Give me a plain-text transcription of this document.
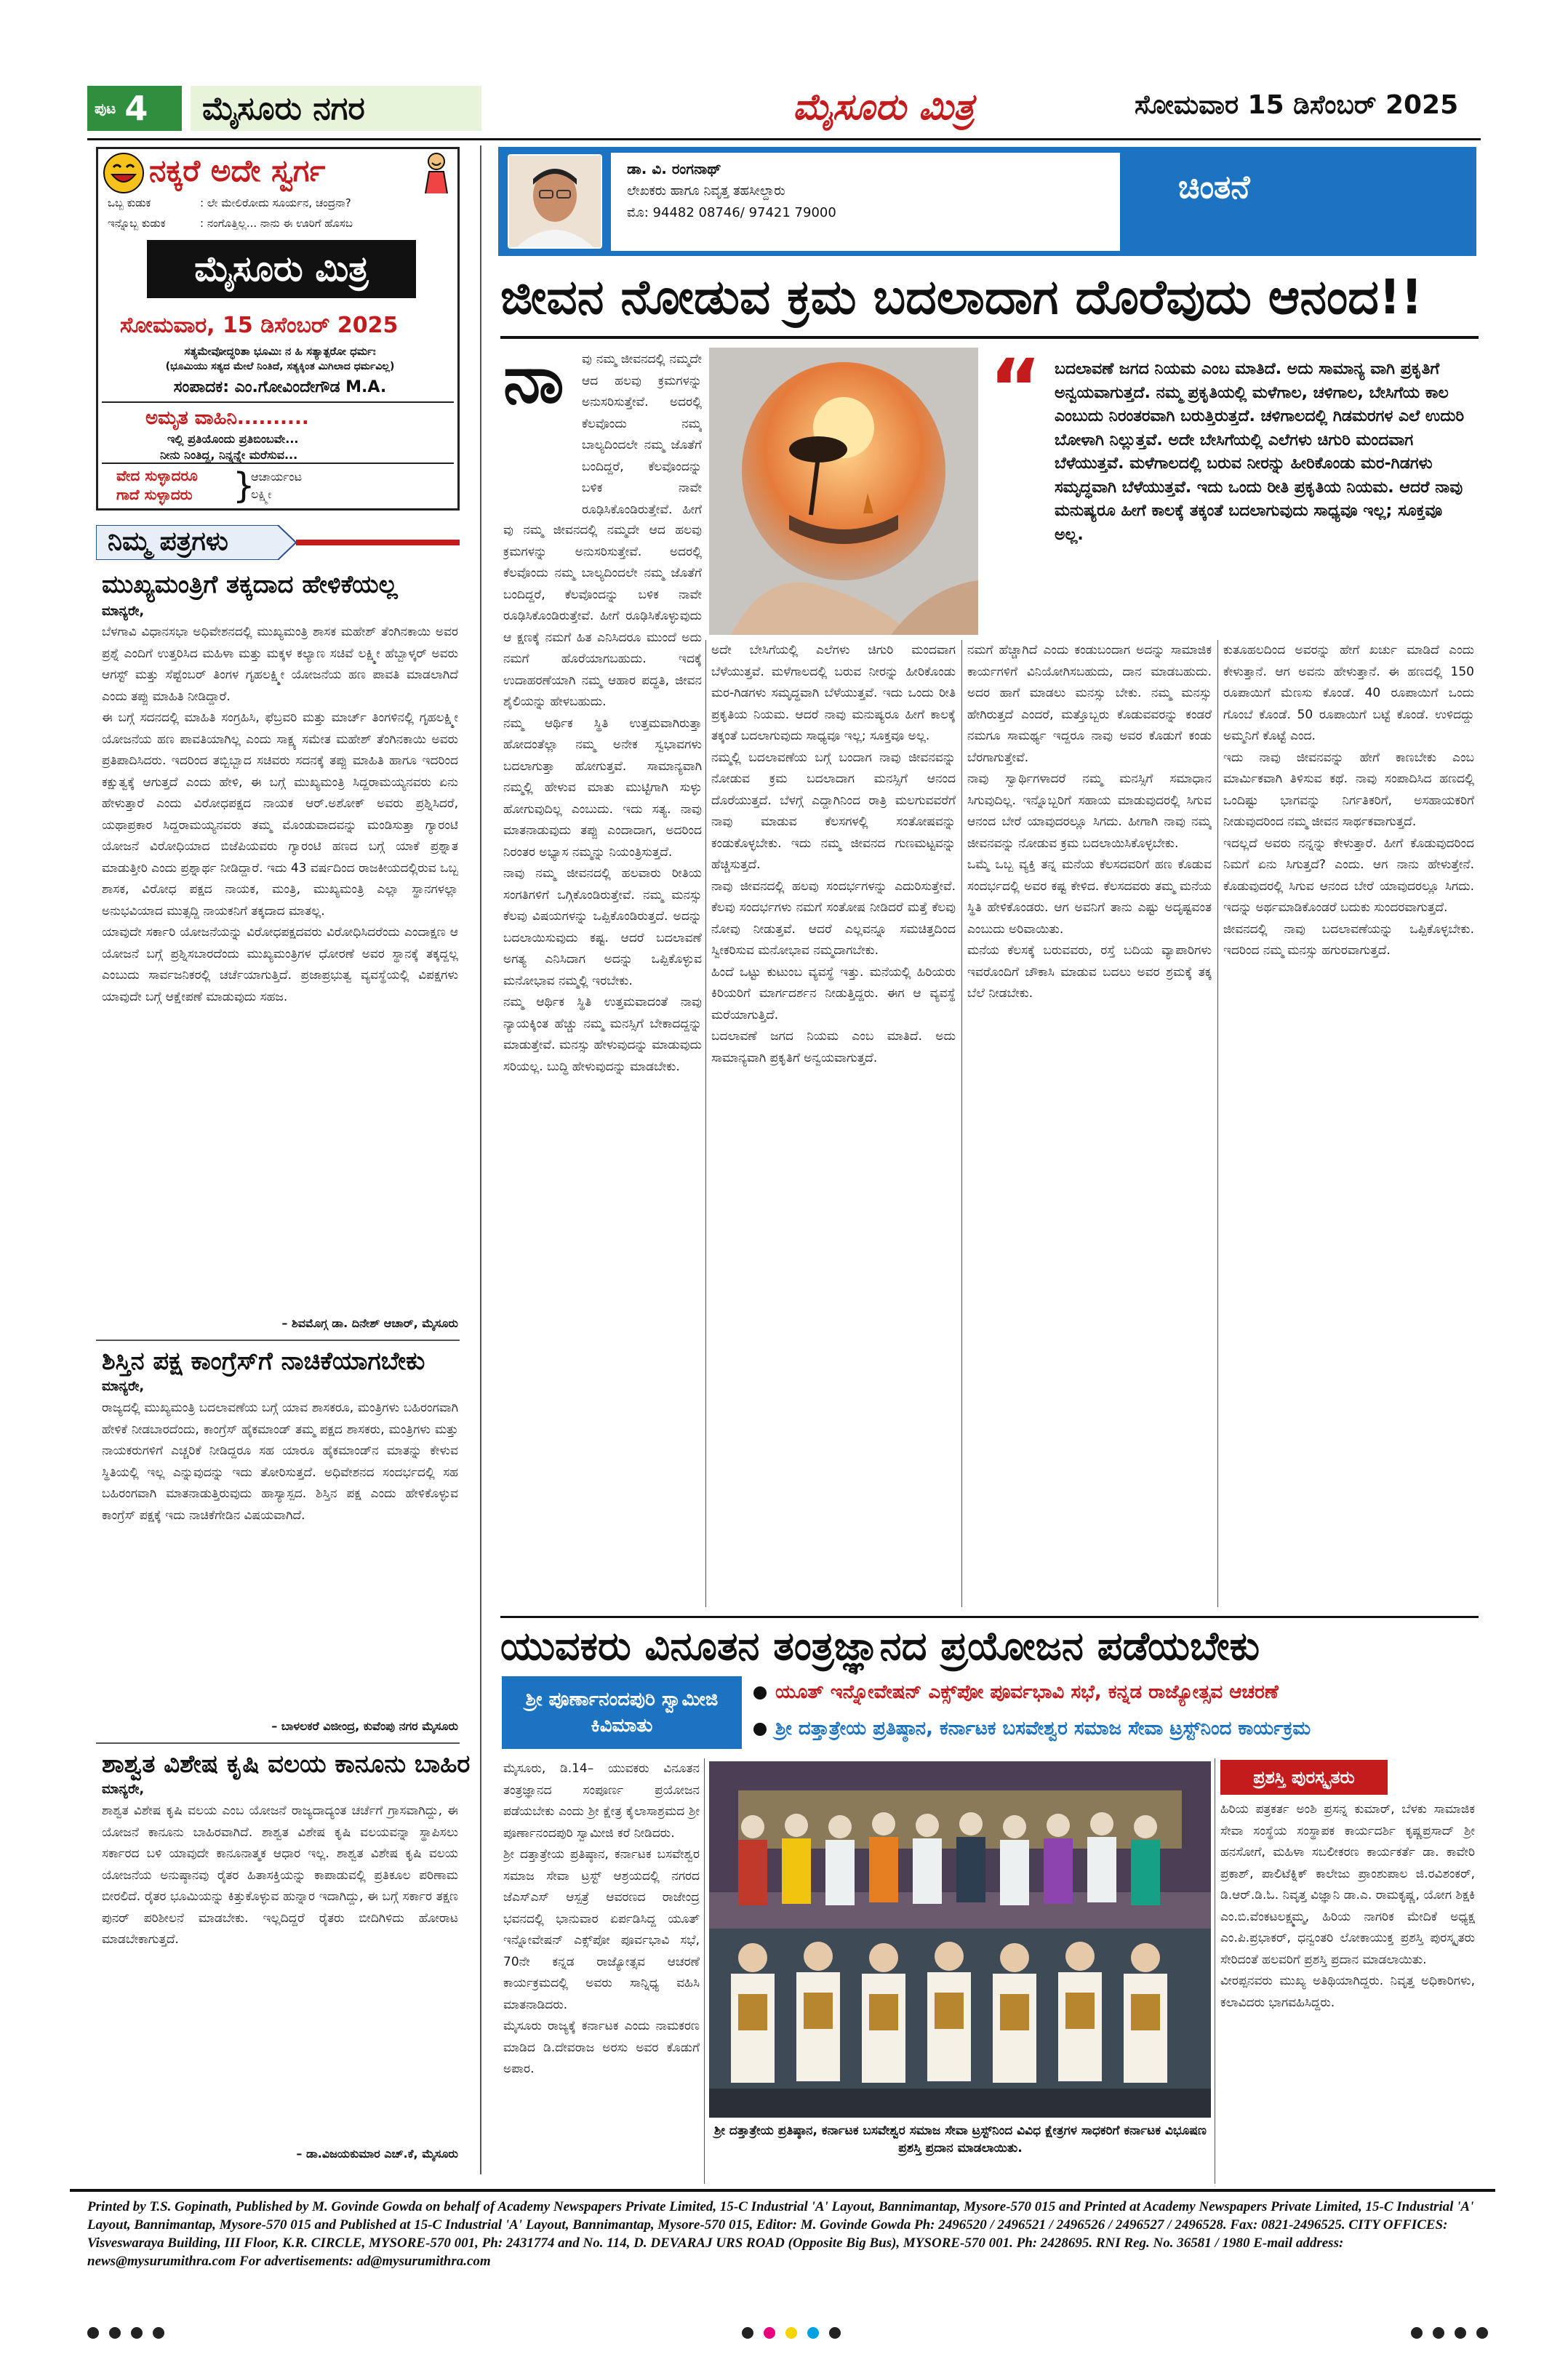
ಪುಟ 4	ಮೈಸೂರು ನಗರ	ಮೈಸೂರು ಮಿತ್ರ	ಸೋಮವಾರ 15 ಡಿಸೆಂಬರ್ 2025
ನಕ್ಕರೆ ಅದೇ ಸ್ವರ್ಗ
ಒಬ್ಬ ಕುಡುಕ	: ಲೇ ಮೇಲಿರೋದು ಸೂರ್ಯನ, ಚಂದ್ರನಾ?
ಇನ್ನೊಬ್ಬ ಕುಡುಕ	: ನಂಗೊತ್ತಿಲ್ಲ... ನಾನು ಈ ಊರಿಗೆ ಹೊಸಬ
ಮೈಸೂರು ಮಿತ್ರ
ಸೋಮವಾರ, 15 ಡಿಸೆಂಬರ್ 2025
ಸತ್ಯಮೇವೋದ್ಧರಿತಾ ಭೂಮಿಃ ನ ಹಿ ಸತ್ಯಾತ್ಪರೋ ಧರ್ಮಃ
(ಭೂಮಿಯು ಸತ್ಯದ ಮೇಲೆ ನಿಂತಿದೆ, ಸತ್ಯಕ್ಕಿಂತ ಮಿಗಿಲಾದ ಧರ್ಮವಿಲ್ಲ)
ಸಂಪಾದಕ: ಎಂ.ಗೋವಿಂದೇಗೌಡ M.A.
ಅಮೃತ ವಾಹಿನಿ..........
ಇಲ್ಲಿ ಪ್ರತಿಯೊಂದು ಪ್ರತಿಬಿಂಬವೇ...
ನೀನು ನಿಂತಿದ್ದ, ನಿನ್ನನ್ನೇ ಮರೆಸುವ...
ವೇದ ಸುಳ್ಳಾದರೂ
ಗಾದೆ ಸುಳ್ಳಾದರು }
ಆಚಾರ್ಯಂಟ
ಲಕ್ಷ್ಮೀ
ನಿಮ್ಮ ಪತ್ರಗಳು
ಮುಖ್ಯಮಂತ್ರಿಗೆ ತಕ್ಕದಾದ ಹೇಳಿಕೆಯಲ್ಲ
ಮಾನ್ಯರೇ,
ಬೆಳಗಾವಿ ವಿಧಾನಸಭಾ ಅಧಿವೇಶನದಲ್ಲಿ ಮುಖ್ಯಮಂತ್ರಿ ಶಾಸಕ ಮಹೇಶ್ ತೆಂಗಿನಕಾಯಿ ಅವರ ಪ್ರಶ್ನೆ ಎಂದಿಗೆ ಉತ್ತರಿಸಿದ ಮಹಿಳಾ ಮತ್ತು ಮಕ್ಕಳ ಕಲ್ಯಾಣ ಸಚಿವೆ ಲಕ್ಷ್ಮೀ ಹೆಬ್ಬಾಳ್ಕರ್ ಅವರು ಆಗಸ್ಟ್ ಮತ್ತು ಸೆಪ್ಟೆಂಬರ್ ತಿಂಗಳ ಗೃಹಲಕ್ಷ್ಮೀ ಯೋಜನೆಯ ಹಣ ಪಾವತಿ ಮಾಡಲಾಗಿದೆ ಎಂದು ತಪ್ಪು ಮಾಹಿತಿ ನೀಡಿದ್ದಾರೆ.
ಈ ಬಗ್ಗೆ ಸದನದಲ್ಲಿ ಮಾಹಿತಿ ಸಂಗ್ರಹಿಸಿ, ಫೆಬ್ರವರಿ ಮತ್ತು ಮಾರ್ಚ್ ತಿಂಗಳಿನಲ್ಲಿ ಗೃಹಲಕ್ಷ್ಮೀ ಯೋಜನೆಯ ಹಣ ಪಾವತಿಯಾಗಿಲ್ಲ ಎಂದು ಸಾಕ್ಷ್ಯ ಸಮೇತ ಮಹೇಶ್ ತೆಂಗಿನಕಾಯಿ ಅವರು ಪ್ರತಿಪಾದಿಸಿದರು. ಇದರಿಂದ ತಬ್ಬಿಬ್ಬಾದ ಸಚಿವರು ಸದನಕ್ಕೆ ತಪ್ಪು ಮಾಹಿತಿ ಹಾಗೂ ಇದರಿಂದ ಕಕ್ಷುತ್ವಕ್ಕೆ ಆಗುತ್ತದೆ ಎಂದು ಹೇಳಿ, ಈ ಬಗ್ಗೆ ಮುಖ್ಯಮಂತ್ರಿ ಸಿದ್ದರಾಮಯ್ಯನವರು ಏನು ಹೇಳುತ್ತಾರೆ ಎಂದು ವಿರೋಧಪಕ್ಷದ ನಾಯಕ ಆರ್.ಅಶೋಕ್ ಅವರು ಪ್ರಶ್ನಿಸಿದರೆ, ಯಥಾಪ್ರಕಾರ ಸಿದ್ದರಾಮಯ್ಯನವರು ತಮ್ಮ ಮೊಂಡುವಾದವನ್ನು ಮಂಡಿಸುತ್ತಾ ಗ್ಯಾರಂಟಿ ಯೋಜನೆ ವಿರೋಧಿಯಾದ ಬಿಜೆಪಿಯವರು ಗ್ಯಾರಂಟಿ ಹಣದ ಬಗ್ಗೆ ಯಾಕೆ ಪ್ರಶ್ನಾತ ಮಾಡುತ್ತೀರಿ ಎಂದು ಪ್ರಶ್ನಾರ್ಥ ನೀಡಿದ್ದಾರೆ. ಇದು 43 ವರ್ಷದಿಂದ ರಾಜಕೀಯದಲ್ಲಿರುವ ಒಬ್ಬ ಶಾಸಕ, ವಿರೋಧ ಪಕ್ಷದ ನಾಯಕ, ಮಂತ್ರಿ, ಮುಖ್ಯಮಂತ್ರಿ ಎಲ್ಲಾ ಸ್ಥಾನಗಳಲ್ಲಾ ಅನುಭವಿಯಾದ ಮುತ್ಸದ್ದಿ ನಾಯಕನಿಗೆ ತಕ್ಕದಾದ ಮಾತಲ್ಲ.
ಯಾವುದೇ ಸರ್ಕಾರಿ ಯೋಜನೆಯನ್ನು ವಿರೋಧಪಕ್ಷದವರು ವಿರೋಧಿಸಿದರೆಂದು ಎಂದಾಕ್ಷಣ ಆ ಯೋಜನೆ ಬಗ್ಗೆ ಪ್ರಶ್ನಿಸಬಾರದೆಂದು ಮುಖ್ಯಮಂತ್ರಿಗಳ ಧೋರಣೆ ಅವರ ಸ್ಥಾನಕ್ಕೆ ತಕ್ಕದ್ದಲ್ಲ ಎಂಬುದು ಸಾರ್ವಜನಿಕರಲ್ಲಿ ಚರ್ಚೆಯಾಗುತ್ತಿದೆ. ಪ್ರಜಾಪ್ರಭುತ್ವ ವ್ಯವಸ್ಥೆಯಲ್ಲಿ ವಿಪಕ್ಷಗಳು ಯಾವುದೇ ಬಗ್ಗೆ ಆಕ್ಷೇಪಣೆ ಮಾಡುವುದು ಸಹಜ.
– ಶಿವಮೊಗ್ಗ ಡಾ. ದಿನೇಶ್ ಆಚಾರ್, ಮೈಸೂರು
ಶಿಸ್ತಿನ ಪಕ್ಷ ಕಾಂಗ್ರೆಸ್‌ಗೆ ನಾಚಿಕೆಯಾಗಬೇಕು
ಮಾನ್ಯರೇ,
ರಾಜ್ಯದಲ್ಲಿ ಮುಖ್ಯಮಂತ್ರಿ ಬದಲಾವಣೆಯ ಬಗ್ಗೆ ಯಾವ ಶಾಸಕರೂ, ಮಂತ್ರಿಗಳು ಬಹಿರಂಗವಾಗಿ ಹೇಳಿಕೆ ನೀಡಬಾರದೆಂದು, ಕಾಂಗ್ರೆಸ್ ಹೈಕಮಾಂಡ್ ತಮ್ಮ ಪಕ್ಷದ ಶಾಸಕರು, ಮಂತ್ರಿಗಳು ಮತ್ತು ನಾಯಕರುಗಳಿಗೆ ಎಚ್ಚರಿಕೆ ನೀಡಿದ್ದರೂ ಸಹ ಯಾರೂ ಹೈಕಮಾಂಡ್‌ನ ಮಾತನ್ನು ಕೇಳುವ ಸ್ಥಿತಿಯಲ್ಲಿ ಇಲ್ಲ ಎನ್ನುವುದನ್ನು ಇದು ತೋರಿಸುತ್ತದೆ. ಅಧಿವೇಶನದ ಸಂದರ್ಭದಲ್ಲಿ ಸಹ ಬಹಿರಂಗವಾಗಿ ಮಾತನಾಡುತ್ತಿರುವುದು ಹಾಸ್ಯಾಸ್ಪದ. ಶಿಸ್ತಿನ ಪಕ್ಷ ಎಂದು ಹೇಳಿಕೊಳ್ಳುವ ಕಾಂಗ್ರೆಸ್ ಪಕ್ಷಕ್ಕೆ ಇದು ನಾಚಿಕೆಗೇಡಿನ ವಿಷಯವಾಗಿದೆ.
– ಬಾಳಲಕರೆ ವಿಜೀಂದ್ರ, ಕುವೆಂಪು ನಗರ ಮೈಸೂರು
ಶಾಶ್ವತ ವಿಶೇಷ ಕೃಷಿ ವಲಯ ಕಾನೂನು ಬಾಹಿರ
ಮಾನ್ಯರೇ,
ಶಾಶ್ವತ ವಿಶೇಷ ಕೃಷಿ ವಲಯ ಎಂಬ ಯೋಜನೆ ರಾಜ್ಯದಾದ್ಯಂತ ಚರ್ಚೆಗೆ ಗ್ರಾಸವಾಗಿದ್ದು, ಈ ಯೋಜನೆ ಕಾನೂನು ಬಾಹಿರವಾಗಿದೆ. ಶಾಶ್ವತ ವಿಶೇಷ ಕೃಷಿ ವಲಯವನ್ನಾ ಸ್ಥಾಪಿಸಲು ಸರ್ಕಾರದ ಬಳಿ ಯಾವುದೇ ಕಾನೂನಾತ್ಮಕ ಆಧಾರ ಇಲ್ಲ. ಶಾಶ್ವತ ವಿಶೇಷ ಕೃಷಿ ವಲಯ ಯೋಜನೆಯ ಅನುಷ್ಠಾನವು ರೈತರ ಹಿತಾಸಕ್ತಿಯನ್ನು ಕಾಪಾಡುವಲ್ಲಿ ಪ್ರತಿಕೂಲ ಪರಿಣಾಮ ಬೀರಲಿದೆ. ರೈತರ ಭೂಮಿಯನ್ನು ಕಿತ್ತುಕೊಳ್ಳುವ ಹುನ್ನಾರ ಇದಾಗಿದ್ದು, ಈ ಬಗ್ಗೆ ಸರ್ಕಾರ ತಕ್ಷಣ ಪುನರ್ ಪರಿಶೀಲನೆ ಮಾಡಬೇಕು. ಇಲ್ಲದಿದ್ದರೆ ರೈತರು ಬೀದಿಗಿಳಿದು ಹೋರಾಟ ಮಾಡಬೇಕಾಗುತ್ತದೆ.
– ಡಾ.ವಿಜಯಕುಮಾರ ಎಚ್.ಕೆ, ಮೈಸೂರು
ಡಾ. ವಿ. ರಂಗನಾಥ್
ಲೇಖಕರು ಹಾಗೂ ನಿವೃತ್ತ ತಹಸೀಲ್ದಾರು
ಮೊ: 94482 08746/ 97421 79000
ಚಿಂತನೆ
ಜೀವನ ನೋಡುವ ಕ್ರಮ ಬದಲಾದಾಗ ದೊರೆವುದು ಆನಂದ!!
ನಾ ವು ನಮ್ಮ ಜೀವನದಲ್ಲಿ ನಮ್ಮದೇ ಆದ ಹಲವು ಕ್ರಮಗಳನ್ನು ಅನುಸರಿಸುತ್ತೇವೆ. ಅದರಲ್ಲಿ ಕೆಲವೊಂದು ನಮ್ಮ ಬಾಲ್ಯದಿಂದಲೇ ನಮ್ಮ ಜೊತೆಗೆ ಬಂದಿದ್ದರೆ, ಕೆಲವೊಂದನ್ನು ಬಳಿಕ ನಾವೇ ರೂಢಿಸಿಕೊಂಡಿರುತ್ತೇವೆ. ಹೀಗೆ

ವು ನಮ್ಮ ಜೀವನದಲ್ಲಿ ನಮ್ಮದೇ ಆದ ಹಲವು ಕ್ರಮಗಳನ್ನು ಅನುಸರಿಸುತ್ತೇವೆ. ಅದರಲ್ಲಿ ಕೆಲವೊಂದು ನಮ್ಮ ಬಾಲ್ಯದಿಂದಲೇ ನಮ್ಮ ಜೊತೆಗೆ ಬಂದಿದ್ದರೆ, ಕೆಲವೊಂದನ್ನು ಬಳಿಕ ನಾವೇ ರೂಢಿಸಿಕೊಂಡಿರುತ್ತೇವೆ. ಹೀಗೆ ರೂಢಿಸಿಕೊಳ್ಳುವುದು ಆ ಕ್ಷಣಕ್ಕೆ ನಮಗೆ ಹಿತ ಎನಿಸಿದರೂ ಮುಂದೆ ಅದು ನಮಗೆ ಹೊರೆಯಾಗಬಹುದು. ಇದಕ್ಕೆ ಉದಾಹರಣೆಯಾಗಿ ನಮ್ಮ ಆಹಾರ ಪದ್ಧತಿ, ಜೀವನ ಶೈಲಿಯನ್ನು ಹೇಳಬಹುದು.
ನಮ್ಮ ಆರ್ಥಿಕ ಸ್ಥಿತಿ ಉತ್ತಮವಾಗಿರುತ್ತಾ ಹೋದಂತೆಲ್ಲಾ ನಮ್ಮ ಅನೇಕ ಸ್ವಭಾವಗಳು ಬದಲಾಗುತ್ತಾ ಹೋಗುತ್ತವೆ. ಸಾಮಾನ್ಯವಾಗಿ ನಮ್ಮಲ್ಲಿ ಹೇಳುವ ಮಾತು ಮುಟ್ಟಿಗಾಗಿ ಸುಳ್ಳು ಹೋಗುವುದಿಲ್ಲ ಎಂಬುದು. ಇದು ಸತ್ಯ. ನಾವು ಮಾತನಾಡುವುದು ತಪ್ಪು ಎಂದಾದಾಗ, ಅದರಿಂದ ನಿರಂತರ ಅಭ್ಯಾಸ ನಮ್ಮನ್ನು ನಿಯಂತ್ರಿಸುತ್ತದೆ.
ನಾವು ನಮ್ಮ ಜೀವನದಲ್ಲಿ ಹಲವಾರು ರೀತಿಯ ಸಂಗತಿಗಳಿಗೆ ಒಗ್ಗಿಕೊಂಡಿರುತ್ತೇವೆ. ನಮ್ಮ ಮನಸ್ಸು ಕೆಲವು ವಿಷಯಗಳನ್ನು ಒಪ್ಪಿಕೊಂಡಿರುತ್ತದೆ. ಅದನ್ನು ಬದಲಾಯಿಸುವುದು ಕಷ್ಟ. ಆದರೆ ಬದಲಾವಣೆ ಅಗತ್ಯ ಎನಿಸಿದಾಗ ಅದನ್ನು ಒಪ್ಪಿಕೊಳ್ಳುವ ಮನೋಭಾವ ನಮ್ಮಲ್ಲಿ ಇರಬೇಕು.
ನಮ್ಮ ಆರ್ಥಿಕ ಸ್ಥಿತಿ ಉತ್ತಮವಾದಂತೆ ನಾವು ನ್ಯಾಯಕ್ಕಿಂತ ಹೆಚ್ಚು ನಮ್ಮ ಮನಸ್ಸಿಗೆ ಬೇಕಾದದ್ದನ್ನು ಮಾಡುತ್ತೇವೆ. ಮನಸ್ಸು ಹೇಳುವುದನ್ನು ಮಾಡುವುದು ಸರಿಯಲ್ಲ. ಬುದ್ಧಿ ಹೇಳುವುದನ್ನು ಮಾಡಬೇಕು.
“ ಬದಲಾವಣೆ ಜಗದ ನಿಯಮ ಎಂಬ ಮಾತಿದೆ. ಅದು ಸಾಮಾನ್ಯ ವಾಗಿ ಪ್ರಕೃತಿಗೆ ಅನ್ವಯವಾಗುತ್ತದೆ. ನಮ್ಮ ಪ್ರಕೃತಿಯಲ್ಲಿ ಮಳೆಗಾಲ, ಚಳಿಗಾಲ, ಬೇಸಿಗೆಯ ಕಾಲ ಎಂಬುದು ನಿರಂತರವಾಗಿ ಬರುತ್ತಿರುತ್ತದೆ. ಚಳಿಗಾಲದಲ್ಲಿ ಗಿಡಮರಗಳ ಎಲೆ ಉದುರಿ ಬೋಳಾಗಿ ನಿಲ್ಲುತ್ತವೆ. ಅದೇ ಬೇಸಿಗೆಯಲ್ಲಿ ಎಲೆಗಳು ಚಿಗುರಿ ಮಂದವಾಗ ಬೆಳೆಯುತ್ತವೆ. ಮಳೆಗಾಲದಲ್ಲಿ ಬರುವ ನೀರನ್ನು ಹೀರಿಕೊಂಡು ಮರ-ಗಿಡಗಳು ಸಮೃದ್ಧವಾಗಿ ಬೆಳೆಯುತ್ತವೆ. ಇದು ಒಂದು ರೀತಿ ಪ್ರಕೃತಿಯ ನಿಯಮ. ಆದರೆ ನಾವು ಮನುಷ್ಯರೂ ಹೀಗೆ ಕಾಲಕ್ಕೆ ತಕ್ಕಂತೆ ಬದಲಾಗುವುದು ಸಾಧ್ಯವೂ ಇಲ್ಲ; ಸೂಕ್ತವೂ ಅಲ್ಲ.
ಅದೇ ಬೇಸಿಗೆಯಲ್ಲಿ ಎಲೆಗಳು ಚಿಗುರಿ ಮಂದವಾಗ ಬೆಳೆಯುತ್ತವೆ. ಮಳೆಗಾಲದಲ್ಲಿ ಬರುವ ನೀರನ್ನು ಹೀರಿಕೊಂಡು ಮರ-ಗಿಡಗಳು ಸಮೃದ್ಧವಾಗಿ ಬೆಳೆಯುತ್ತವೆ. ಇದು ಒಂದು ರೀತಿ ಪ್ರಕೃತಿಯ ನಿಯಮ. ಆದರೆ ನಾವು ಮನುಷ್ಯರೂ ಹೀಗೆ ಕಾಲಕ್ಕೆ ತಕ್ಕಂತೆ ಬದಲಾಗುವುದು ಸಾಧ್ಯವೂ ಇಲ್ಲ; ಸೂಕ್ತವೂ ಅಲ್ಲ.
ನಮ್ಮಲ್ಲಿ ಬದಲಾವಣೆಯ ಬಗ್ಗೆ ಬಂದಾಗ ನಾವು ಜೀವನವನ್ನು ನೋಡುವ ಕ್ರಮ ಬದಲಾದಾಗ ಮನಸ್ಸಿಗೆ ಆನಂದ ದೊರೆಯುತ್ತದೆ. ಬೆಳಗ್ಗೆ ಎದ್ದಾಗಿನಿಂದ ರಾತ್ರಿ ಮಲಗುವವರೆಗೆ ನಾವು ಮಾಡುವ ಕೆಲಸಗಳಲ್ಲಿ ಸಂತೋಷವನ್ನು ಕಂಡುಕೊಳ್ಳಬೇಕು. ಇದು ನಮ್ಮ ಜೀವನದ ಗುಣಮಟ್ಟವನ್ನು ಹೆಚ್ಚಿಸುತ್ತದೆ.
ನಾವು ಜೀವನದಲ್ಲಿ ಹಲವು ಸಂದರ್ಭಗಳನ್ನು ಎದುರಿಸುತ್ತೇವೆ. ಕೆಲವು ಸಂದರ್ಭಗಳು ನಮಗೆ ಸಂತೋಷ ನೀಡಿದರೆ ಮತ್ತೆ ಕೆಲವು ನೋವು ನೀಡುತ್ತವೆ. ಆದರೆ ಎಲ್ಲವನ್ನೂ ಸಮಚಿತ್ತದಿಂದ ಸ್ವೀಕರಿಸುವ ಮನೋಭಾವ ನಮ್ಮದಾಗಬೇಕು.
ಹಿಂದೆ ಒಟ್ಟು ಕುಟುಂಬ ವ್ಯವಸ್ಥೆ ಇತ್ತು. ಮನೆಯಲ್ಲಿ ಹಿರಿಯರು ಕಿರಿಯರಿಗೆ ಮಾರ್ಗದರ್ಶನ ನೀಡುತ್ತಿದ್ದರು. ಈಗ ಆ ವ್ಯವಸ್ಥೆ ಮರೆಯಾಗುತ್ತಿದೆ.
ಬದಲಾವಣೆ ಜಗದ ನಿಯಮ ಎಂಬ ಮಾತಿದೆ. ಅದು ಸಾಮಾನ್ಯವಾಗಿ ಪ್ರಕೃತಿಗೆ ಅನ್ವಯವಾಗುತ್ತದೆ.
ನಮಗೆ ಹೆಚ್ಚಾಗಿದೆ ಎಂದು ಕಂಡುಬಂದಾಗ ಅದನ್ನು ಸಾಮಾಜಿಕ ಕಾರ್ಯಗಳಿಗೆ ವಿನಿಯೋಗಿಸಬಹುದು, ದಾನ ಮಾಡಬಹುದು. ಅದರ ಹಾಗೆ ಮಾಡಲು ಮನಸ್ಸು ಬೇಕು. ನಮ್ಮ ಮನಸ್ಸು ಹೇಗಿರುತ್ತದೆ ಎಂದರೆ, ಮತ್ತೊಬ್ಬರು ಕೊಡುವವರನ್ನು ಕಂಡರೆ ನಮಗೂ ಸಾಮರ್ಥ್ಯ ಇದ್ದರೂ ನಾವು ಅವರ ಕೊಡುಗೆ ಕಂಡು ಬೆರಗಾಗುತ್ತೇವೆ.
ನಾವು ಸ್ವಾರ್ಥಿಗಳಾದರೆ ನಮ್ಮ ಮನಸ್ಸಿಗೆ ಸಮಾಧಾನ ಸಿಗುವುದಿಲ್ಲ. ಇನ್ನೊಬ್ಬರಿಗೆ ಸಹಾಯ ಮಾಡುವುದರಲ್ಲಿ ಸಿಗುವ ಆನಂದ ಬೇರೆ ಯಾವುದರಲ್ಲೂ ಸಿಗದು. ಹೀಗಾಗಿ ನಾವು ನಮ್ಮ ಜೀವನವನ್ನು ನೋಡುವ ಕ್ರಮ ಬದಲಾಯಿಸಿಕೊಳ್ಳಬೇಕು.
ಒಮ್ಮೆ ಒಬ್ಬ ವ್ಯಕ್ತಿ ತನ್ನ ಮನೆಯ ಕೆಲಸದವರಿಗೆ ಹಣ ಕೊಡುವ ಸಂದರ್ಭದಲ್ಲಿ ಅವರ ಕಷ್ಟ ಕೇಳಿದ. ಕೆಲಸದವರು ತಮ್ಮ ಮನೆಯ ಸ್ಥಿತಿ ಹೇಳಿಕೊಂಡರು. ಆಗ ಅವನಿಗೆ ತಾನು ಎಷ್ಟು ಅದೃಷ್ಟವಂತ ಎಂಬುದು ಅರಿವಾಯಿತು.
ಮನೆಯ ಕೆಲಸಕ್ಕೆ ಬರುವವರು, ರಸ್ತೆ ಬದಿಯ ವ್ಯಾಪಾರಿಗಳು ಇವರೊಂದಿಗೆ ಚೌಕಾಸಿ ಮಾಡುವ ಬದಲು ಅವರ ಶ್ರಮಕ್ಕೆ ತಕ್ಕ ಬೆಲೆ ನೀಡಬೇಕು.
ಕುತೂಹಲದಿಂದ ಅವರನ್ನು ಹೇಗೆ ಖರ್ಚು ಮಾಡಿದೆ ಎಂದು ಕೇಳುತ್ತಾನೆ. ಆಗ ಅವನು ಹೇಳುತ್ತಾನೆ. ಈ ಹಣದಲ್ಲಿ 150 ರೂಪಾಯಿಗೆ ಮೆಣಸು ಕೊಂಡೆ. 40 ರೂಪಾಯಿಗೆ ಒಂದು ಗೊಂಬೆ ಕೊಂಡೆ. 50 ರೂಪಾಯಿಗೆ ಬಟ್ಟೆ ಕೊಂಡೆ. ಉಳಿದದ್ದು ಅಮ್ಮನಿಗೆ ಕೊಟ್ಟೆ ಎಂದ.
ಇದು ನಾವು ಜೀವನವನ್ನು ಹೇಗೆ ಕಾಣಬೇಕು ಎಂಬ ಮಾರ್ಮಿಕವಾಗಿ ತಿಳಿಸುವ ಕಥೆ. ನಾವು ಸಂಪಾದಿಸಿದ ಹಣದಲ್ಲಿ ಒಂದಿಷ್ಟು ಭಾಗವನ್ನು ನಿರ್ಗತಿಕರಿಗೆ, ಅಸಹಾಯಕರಿಗೆ ನೀಡುವುದರಿಂದ ನಮ್ಮ ಜೀವನ ಸಾರ್ಥಕವಾಗುತ್ತದೆ.
ಇದಲ್ಲದೆ ಅವರು ನನ್ನನ್ನು ಕೇಳುತ್ತಾರೆ. ಹೀಗೆ ಕೊಡುವುದರಿಂದ ನಿಮಗೆ ಏನು ಸಿಗುತ್ತದೆ? ಎಂದು. ಆಗ ನಾನು ಹೇಳುತ್ತೇನೆ. ಕೊಡುವುದರಲ್ಲಿ ಸಿಗುವ ಆನಂದ ಬೇರೆ ಯಾವುದರಲ್ಲೂ ಸಿಗದು. ಇದನ್ನು ಅರ್ಥಮಾಡಿಕೊಂಡರೆ ಬದುಕು ಸುಂದರವಾಗುತ್ತದೆ.
ಜೀವನದಲ್ಲಿ ನಾವು ಬದಲಾವಣೆಯನ್ನು ಒಪ್ಪಿಕೊಳ್ಳಬೇಕು. ಇದರಿಂದ ನಮ್ಮ ಮನಸ್ಸು ಹಗುರವಾಗುತ್ತದೆ.
ಯುವಕರು ವಿನೂತನ ತಂತ್ರಜ್ಞಾನದ ಪ್ರಯೋಜನ ಪಡೆಯಬೇಕು
ಶ್ರೀ ಪೂರ್ಣಾನಂದಪುರಿ ಸ್ವಾಮೀಜಿ ಕಿವಿಮಾತು
ಯೂತ್ ಇನ್ನೋವೇಷನ್ ಎಕ್ಸ್‌ಪೋ ಪೂರ್ವಭಾವಿ ಸಭೆ, ಕನ್ನಡ ರಾಜ್ಯೋತ್ಸವ ಆಚರಣೆ
ಶ್ರೀ ದತ್ತಾತ್ರೇಯ ಪ್ರತಿಷ್ಠಾನ, ಕರ್ನಾಟಕ ಬಸವೇಶ್ವರ ಸಮಾಜ ಸೇವಾ ಟ್ರಸ್ಟ್‌ನಿಂದ ಕಾರ್ಯಕ್ರಮ
ಮೈಸೂರು, ಡಿ.14– ಯುವಕರು ವಿನೂತನ ತಂತ್ರಜ್ಞಾನದ ಸಂಪೂರ್ಣ ಪ್ರಯೋಜನ ಪಡೆಯಬೇಕು ಎಂದು ಶ್ರೀ ಕ್ಷೇತ್ರ ಕೈಲಾಸಾಶ್ರಮದ ಶ್ರೀ ಪೂರ್ಣಾನಂದಪುರಿ ಸ್ವಾಮೀಜಿ ಕರೆ ನೀಡಿದರು.
ಶ್ರೀ ದತ್ತಾತ್ರೇಯ ಪ್ರತಿಷ್ಠಾನ, ಕರ್ನಾಟಕ ಬಸವೇಶ್ವರ ಸಮಾಜ ಸೇವಾ ಟ್ರಸ್ಟ್ ಆಶ್ರಯದಲ್ಲಿ ನಗರದ ಜೆಎಸ್‌ಎಸ್ ಆಸ್ಪತ್ರೆ ಆವರಣದ ರಾಜೇಂದ್ರ ಭವನದಲ್ಲಿ ಭಾನುವಾರ ಏರ್ಪಡಿಸಿದ್ದ ಯೂತ್ ಇನ್ನೋವೇಷನ್ ಎಕ್ಸ್‌ಪೋ ಪೂರ್ವಭಾವಿ ಸಭೆ, 70ನೇ ಕನ್ನಡ ರಾಜ್ಯೋತ್ಸವ ಆಚರಣೆ ಕಾರ್ಯಕ್ರಮದಲ್ಲಿ ಅವರು ಸಾನ್ನಿಧ್ಯ ವಹಿಸಿ ಮಾತನಾಡಿದರು.
ಮೈಸೂರು ರಾಜ್ಯಕ್ಕೆ ಕರ್ನಾಟಕ ಎಂದು ನಾಮಕರಣ ಮಾಡಿದ ಡಿ.ದೇವರಾಜ ಅರಸು ಅವರ ಕೊಡುಗೆ ಅಪಾರ.
ಶ್ರೀ ದತ್ತಾತ್ರೇಯ ಪ್ರತಿಷ್ಠಾನ, ಕರ್ನಾಟಕ ಬಸವೇಶ್ವರ ಸಮಾಜ ಸೇವಾ ಟ್ರಸ್ಟ್‌ನಿಂದ ವಿವಿಧ ಕ್ಷೇತ್ರಗಳ ಸಾಧಕರಿಗೆ ಕರ್ನಾಟಕ ವಿಭೂಷಣ ಪ್ರಶಸ್ತಿ ಪ್ರದಾನ ಮಾಡಲಾಯಿತು.
ಪ್ರಶಸ್ತಿ ಪುರಸ್ಕೃತರು
ಹಿರಿಯ ಪತ್ರಕರ್ತ ಅಂಶಿ ಪ್ರಸನ್ನ ಕುಮಾರ್, ಬೆಳಕು ಸಾಮಾಜಿಕ ಸೇವಾ ಸಂಸ್ಥೆಯ ಸಂಸ್ಥಾಪಕ ಕಾರ್ಯದರ್ಶಿ ಕೃಷ್ಣಪ್ರಸಾದ್ ಶ್ರೀ ಹನಸೋಗೆ, ಮಹಿಳಾ ಸಬಲೀಕರಣ ಕಾರ್ಯಕರ್ತೆ ಡಾ. ಕಾವೇರಿ ಪ್ರಕಾಶ್, ಪಾಲಿಟೆಕ್ನಿಕ್ ಕಾಲೇಜು ಪ್ರಾಂಶುಪಾಲ ಜಿ.ರವಿಶಂಕರ್, ಡಿ.ಆರ್.ಡಿ.ಓ. ನಿವೃತ್ತ ವಿಜ್ಞಾನಿ ಡಾ.ಎ. ರಾಮಕೃಷ್ಣ, ಯೋಗ ಶಿಕ್ಷಕಿ ಎಂ.ಬಿ.ವೆಂಕಟಲಕ್ಷ್ಮಮ್ಮ, ಹಿರಿಯ ನಾಗರಿಕ ಮೇದಿಕೆ ಅಧ್ಯಕ್ಷ ಎಂ.ಪಿ.ಪ್ರಭಾಕರ್, ಧನ್ವಂತರಿ ಲೋಕಾಯುಕ್ತ ಪ್ರಶಸ್ತಿ ಪುರಸ್ಕೃತರು ಸೇರಿದಂತೆ ಹಲವರಿಗೆ ಪ್ರಶಸ್ತಿ ಪ್ರದಾನ ಮಾಡಲಾಯಿತು.
ವೀರಪ್ಪನವರು ಮುಖ್ಯ ಅತಿಥಿಯಾಗಿದ್ದರು. ನಿವೃತ್ತ ಅಧಿಕಾರಿಗಳು, ಕಲಾವಿದರು ಭಾಗವಹಿಸಿದ್ದರು.
Printed by T.S. Gopinath, Published by M. Govinde Gowda on behalf of Academy Newspapers Private Limited, 15-C Industrial 'A' Layout, Bannimantap, Mysore-570 015 and Printed at Academy Newspapers Private Limited, 15-C Industrial 'A' Layout, Bannimantap, Mysore-570 015 and Published at 15-C Industrial 'A' Layout, Bannimantap, Mysore-570 015, Editor: M. Govinde Gowda Ph: 2496520 / 2496521 / 2496526 / 2496527 / 2496528. Fax: 0821-2496525. CITY OFFICES: Visveswaraya Building, III Floor, K.R. CIRCLE, MYSORE-570 001, Ph: 2431774 and No. 114, D. DEVARAJ URS ROAD (Opposite Big Bus), MYSORE-570 001. Ph: 2428695. RNI Reg. No. 36581 / 1980 E-mail address: news@mysurumithra.com For advertisements: ad@mysurumithra.com
